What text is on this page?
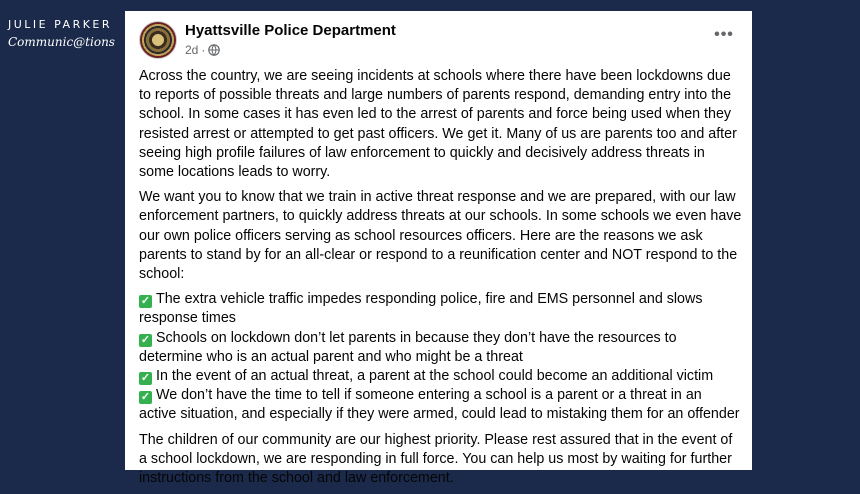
JULIE PARKER
Communic@tions
Hyattsville Police Department
2d ·
•••

Across the country, we are seeing incidents at schools where there have been lockdowns due to reports of possible threats and large numbers of parents respond, demanding entry into the school. In some cases it has even led to the arrest of parents and force being used when they resisted arrest or attempted to get past officers. We get it. Many of us are parents too and after seeing high profile failures of law enforcement to quickly and decisively address threats in some locations leads to worry.

We want you to know that we train in active threat response and we are prepared, with our law enforcement partners, to quickly address threats at our schools. In some schools we even have our own police officers serving as school resources officers. Here are the reasons we ask parents to stand by for an all-clear or respond to a reunification center and NOT respond to the school:

✓ The extra vehicle traffic impedes responding police, fire and EMS personnel and slows response times
✓ Schools on lockdown don’t let parents in because they don’t have the resources to determine who is an actual parent and who might be a threat
✓ In the event of an actual threat, a parent at the school could become an additional victim
✓ We don’t have the time to tell if someone entering a school is a parent or a threat in an active situation, and especially if they were armed, could lead to mistaking them for an offender

The children of our community are our highest priority. Please rest assured that in the event of a school lockdown, we are responding in full force. You can help us most by waiting for further instructions from the school and law enforcement.
